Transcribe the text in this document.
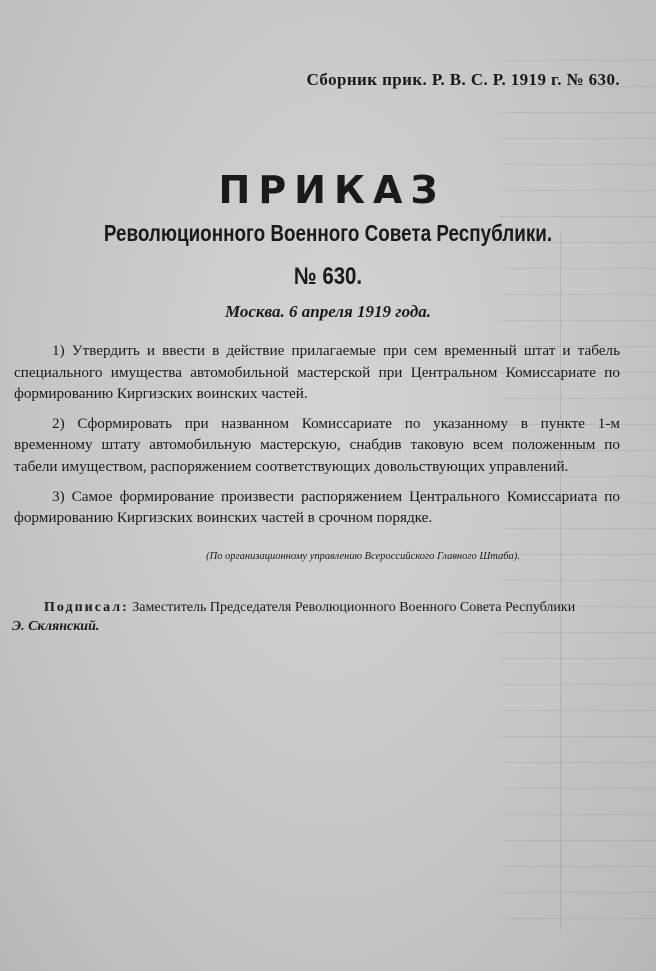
Сборник прик. Р. В. С. Р. 1919 г. № 630.
ПРИКАЗ
Революционного Военного Совета Республики.
№ 630.
Москва. 6 апреля 1919 года.

1) Утвердить и ввести в действие прилагаемые при сем временный штат и табель специального имущества автомобильной мастерской при Центральном Комиссариате по формированию Киргизских воинских частей.

2) Сформировать при названном Комиссариате по указанному в пункте 1-м временному штату автомобильную мастерскую, снабдив таковую всем положенным по табели имуществом, распоряжением соответствующих довольствующих управлений.

3) Самое формирование произвести распоряжением Центрального Комиссариата по формированию Киргизских воинских частей в срочном порядке.

(По организационному управлению Всероссийского Главного Штаба).
Подписал: Заместитель Председателя Революционного Военного Совета Республики
Э. Склянский.
